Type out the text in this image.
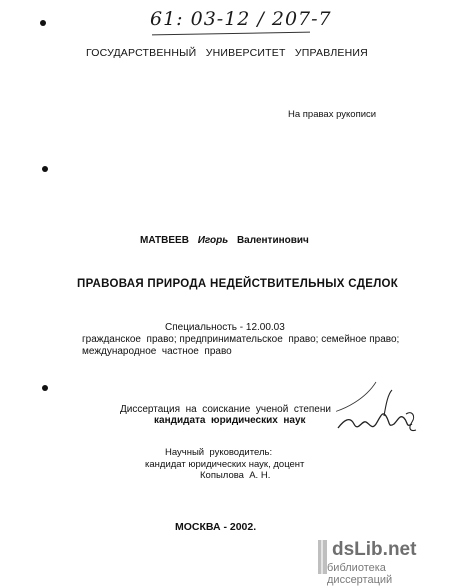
61: 03-12 / 207-7
ГОСУДАРСТВЕННЫЙ   УНИВЕРСИТЕТ   УПРАВЛЕНИЯ
На правах рукописи
МАТВЕЕВ Игорь Валентинович
ПРАВОВАЯ ПРИРОДА НЕДЕЙСТВИТЕЛЬНЫХ СДЕЛОК
Специальность - 12.00.03
гражданское  право; предпринимательское  право; семейное право;
международное  частное  право
Диссертация  на  соискание  ученой  степени
кандидата  юридических  наук
Научный  руководитель:
кандидат юридических наук, доцент
Копылова  А. Н.
МОСКВА - 2002.
dsLib.net
библиотека диссертаций
